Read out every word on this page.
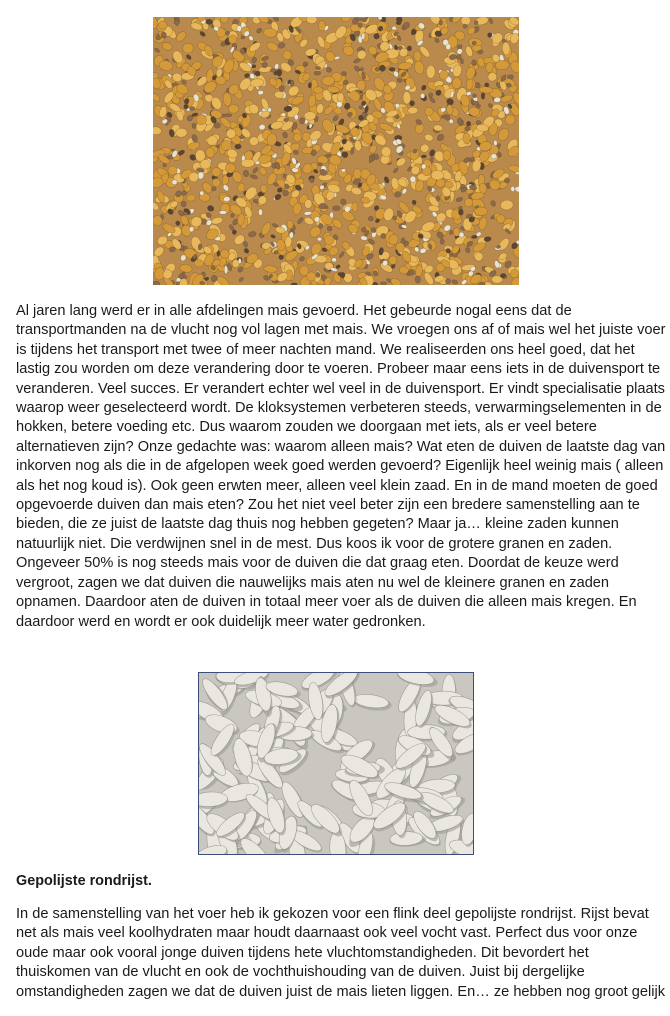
Al jaren lang werd er in alle afdelingen mais gevoerd. Het gebeurde nogal eens dat de
transportmanden na de vlucht nog vol lagen met mais. We vroegen ons af of mais wel het juiste voer
is tijdens het transport met twee of meer nachten mand. We realiseerden ons heel goed, dat het
lastig zou worden om deze verandering door te voeren. Probeer maar eens iets in de duivensport te
veranderen. Veel succes. Er verandert echter wel veel in de duivensport. Er vindt specialisatie plaats
waarop weer geselecteerd wordt. De kloksystemen verbeteren steeds, verwarmingselementen in de
hokken, betere voeding etc. Dus waarom zouden we doorgaan met iets, als er veel betere
alternatieven zijn? Onze gedachte was: waarom alleen mais? Wat eten de duiven de laatste dag van
inkorven nog als die in de afgelopen week goed werden gevoerd? Eigenlijk heel weinig mais ( alleen
als het nog koud is). Ook geen erwten meer, alleen veel klein zaad. En in de mand moeten de goed
opgevoerde duiven dan mais eten? Zou het niet veel beter zijn een bredere samenstelling aan te
bieden, die ze juist de laatste dag thuis nog hebben gegeten? Maar ja… kleine zaden kunnen
natuurlijk niet. Die verdwijnen snel in de mest. Dus koos ik voor de grotere granen en zaden.
Ongeveer 50% is nog steeds mais voor de duiven die dat graag eten. Doordat de keuze werd
vergroot, zagen we dat duiven die nauwelijks mais aten nu wel de kleinere granen en zaden
opnamen. Daardoor aten de duiven in totaal meer voer als de duiven die alleen mais kregen. En
daardoor werd en wordt er ook duidelijk meer water gedronken.
Gepolijste rondrijst.
In de samenstelling van het voer heb ik gekozen voor een flink deel gepolijste rondrijst. Rijst bevat
net als mais veel koolhydraten maar houdt daarnaast ook veel vocht vast. Perfect dus voor onze
oude maar ook vooral jonge duiven tijdens hete vluchtomstandigheden. Dit bevordert het
thuiskomen van de vlucht en ook de vochthuishouding van de duiven. Juist bij dergelijke
omstandigheden zagen we dat de duiven juist de mais lieten liggen. En… ze hebben nog groot gelijk
